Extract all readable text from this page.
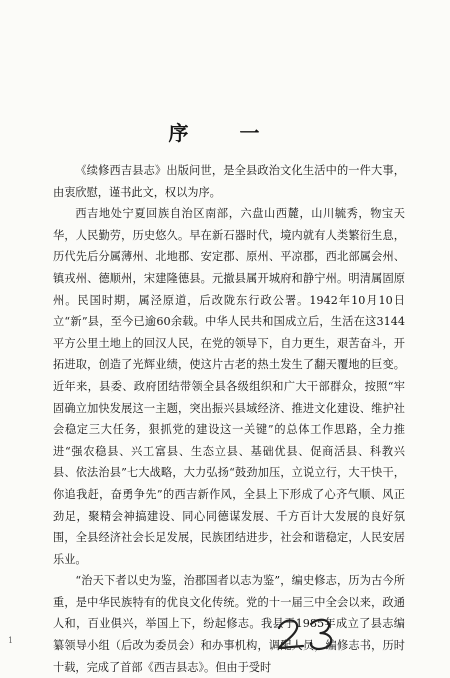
序 一

《续修西吉县志》出版问世，是全县政治文化生活中的一件大事，由衷欣慰，谨书此文，权以为序。

西吉地处宁夏回族自治区南部，六盘山西麓，山川毓秀，物宝天华，人民勤劳，历史悠久。早在新石器时代，境内就有人类繁衍生息，历代先后分属薄州、北地郡、安定郡、原州、平凉郡，西北部属会州、镇戎州、德顺州，宋建隆德县。元撤县属开城府和静宁州。明清属固原州。民国时期，属泾原道，后改陇东行政公署。1942年10月10日立“新”县，至今已逾60余载。中华人民共和国成立后，生活在这3144平方公里土地上的回汉人民，在党的领导下，自力更生，艰苦奋斗，开拓进取，创造了光辉业绩，使这片古老的热土发生了翻天覆地的巨变。近年来，县委、政府团结带领全县各级组织和广大干部群众，按照“牢固确立加快发展这一主题，突出振兴县域经济、推进文化建设、维护社会稳定三大任务，狠抓党的建设这一关键”的总体工作思路，全力推进“强农稳县、兴工富县、生态立县、基础优县、促商活县、科教兴县、依法治县”七大战略，大力弘扬“鼓劲加压，立说立行，大干快干，你追我赶，奋勇争先”的西吉新作风，全县上下形成了心齐气顺、风正劲足，聚精会神搞建设、同心同德谋发展、千方百计大发展的良好氛围，全县经济社会长足发展，民族团结进步，社会和谐稳定，人民安居乐业。

“治天下者以史为鉴，治郡国者以志为鉴”，编史修志，历为古今所重，是中华民族特有的优良文化传统。党的十一届三中全会以来，政通人和，百业俱兴，举国上下，纷起修志。我县于1985年成立了县志编纂领导小组（后改为委员会）和办事机构，调配人员，编修志书，历时十载，完成了首部《西吉县志》。但由于受时

1
